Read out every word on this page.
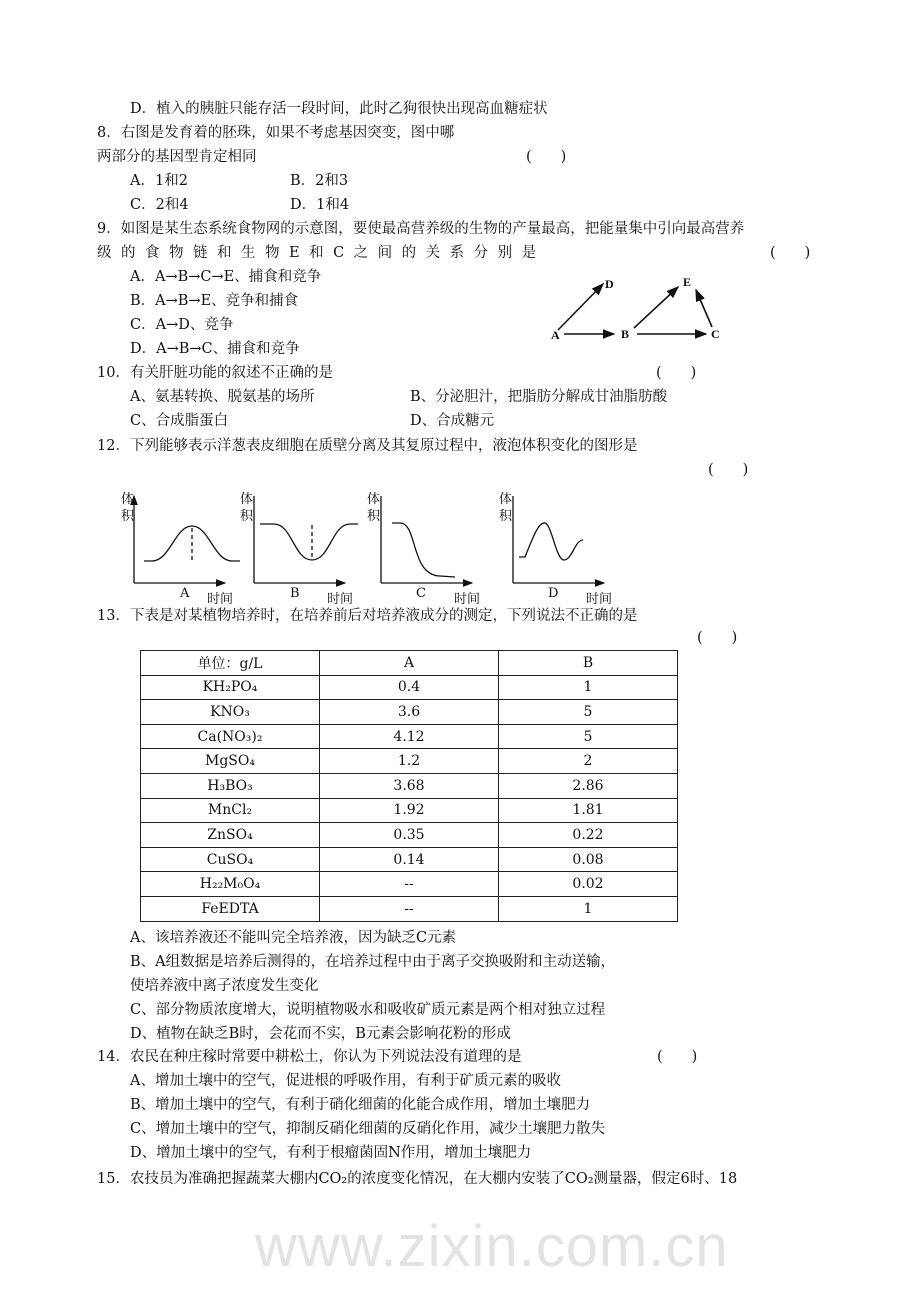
www.zixin.com.cn
D．植入的胰脏只能存活一段时间，此时乙狗很快出现高血糖症状
8．右图是发育着的胚珠，如果不考虑基因突变，图中哪
两部分的基因型肯定相同	(　　)
A．1和2	B．2和3
C．2和4	D．1和4
9．如图是某生态系统食物网的示意图，要使最高营养级的生物的产量最高，把能量集中引向最高营养
级的食物链和生物E和C之间的关系分别是	(　　)
A．A→B→C→E、捕食和竞争
B．A→B→E、竞争和捕食
C．A→D、竞争
D．A→B→C、捕食和竞争
A	B	C
D	E
10．有关肝脏功能的叙述不正确的是	(　　)
A、氨基转换、脱氨基的场所	B、分泌胆汁，把脂肪分解成甘油脂肪酸
C、合成脂蛋白	D、合成糖元
12．下列能够表示洋葱表皮细胞在质壁分离及其复原过程中，液泡体积变化的图形是
(　　)
体
积
A 时间
体
积
B 时间
体
积
C 时间
体
积
D 时间
13．下表是对某植物培养时，在培养前后对培养液成分的测定，下列说法不正确的是
(　　)
单位：g/L	A	B
KH₂PO₄	0.4	1
KNO₃	3.6	5
Ca(NO₃)₂	4.12	5
MgSO₄	1.2	2
H₃BO₃	3.68	2.86
MnCl₂	1.92	1.81
ZnSO₄	0.35	0.22
CuSO₄	0.14	0.08
H₂₂M₀O₄	--	0.02
FeEDTA	--	1
A、该培养液还不能叫完全培养液，因为缺乏C元素
B、A组数据是培养后测得的，在培养过程中由于离子交换吸附和主动送输，
使培养液中离子浓度发生变化
C、部分物质浓度增大，说明植物吸水和吸收矿质元素是两个相对独立过程
D、植物在缺乏B时，会花而不实，B元素会影响花粉的形成
14．农民在种庄稼时常要中耕松土，你认为下列说法没有道理的是	(　　)
A、增加土壤中的空气，促进根的呼吸作用，有利于矿质元素的吸收
B、增加土壤中的空气，有利于硝化细菌的化能合成作用，增加土壤肥力
C、增加土壤中的空气，抑制反硝化细菌的反硝化作用，减少土壤肥力散失
D、增加土壤中的空气，有利于根瘤菌固N作用，增加土壤肥力
15．农技员为准确把握蔬菜大棚内CO₂的浓度变化情况，在大棚内安装了CO₂测量器，假定6时、18
